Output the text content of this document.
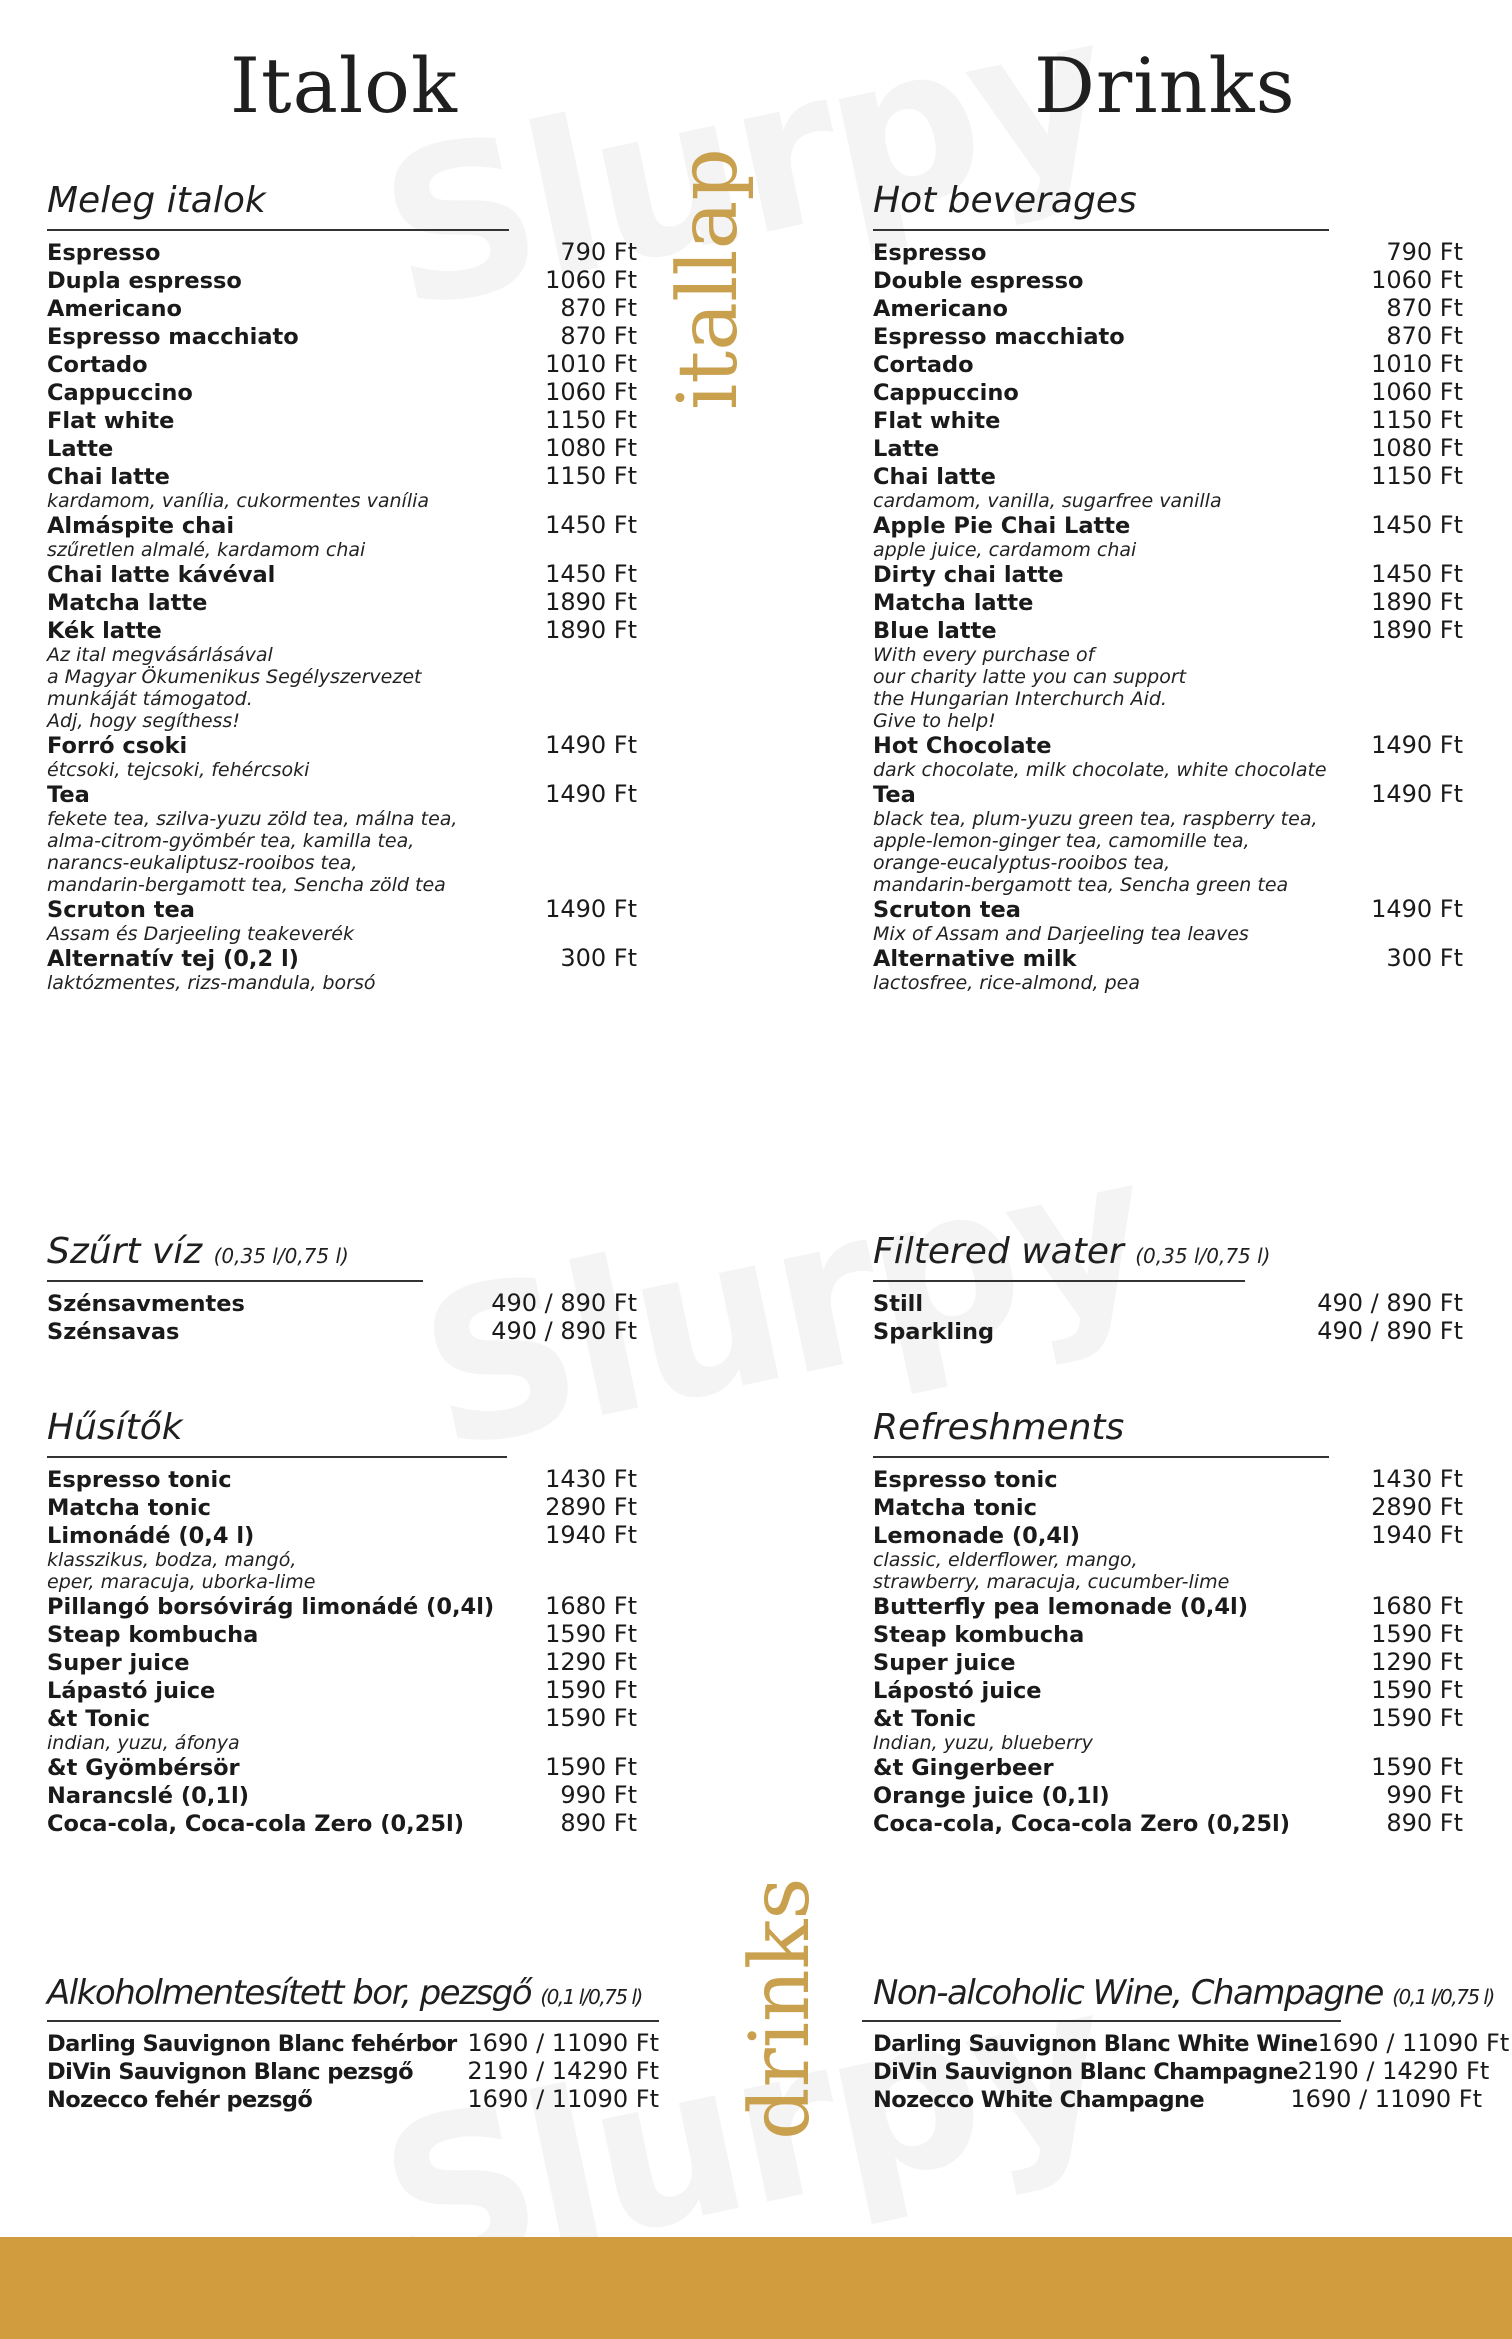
Italok	Drinks
itallap
drinks
Meleg italok
Espresso	790 Ft
Dupla espresso	1060 Ft
Americano	870 Ft
Espresso macchiato	870 Ft
Cortado	1010 Ft
Cappuccino	1060 Ft
Flat white	1150 Ft
Latte	1080 Ft
Chai latte	1150 Ft
kardamom, vanília, cukormentes vanília
Almáspite chai	1450 Ft
szűretlen almalé, kardamom chai
Chai latte kávéval	1450 Ft
Matcha latte	1890 Ft
Kék latte	1890 Ft
Az ital megvásárlásával
a Magyar Ökumenikus Segélyszervezet
munkáját támogatod.
Adj, hogy segíthess!
Forró csoki	1490 Ft
étcsoki, tejcsoki, fehércsoki
Tea	1490 Ft
fekete tea, szilva-yuzu zöld tea, málna tea,
alma-citrom-gyömbér tea, kamilla tea,
narancs-eukaliptusz-rooibos tea,
mandarin-bergamott tea, Sencha zöld tea
Scruton tea	1490 Ft
Assam és Darjeeling teakeverék
Alternatív tej (0,2 l)	300 Ft
laktózmentes, rizs-mandula, borsó
Szűrt víz (0,35 l/0,75 l)
Szénsavmentes	490 / 890 Ft
Szénsavas	490 / 890 Ft
Hűsítők
Espresso tonic	1430 Ft
Matcha tonic	2890 Ft
Limonádé (0,4 l)	1940 Ft
klasszikus, bodza, mangó,
eper, maracuja, uborka-lime
Pillangó borsóvirág limonádé (0,4l) 1680 Ft
Steap kombucha	1590 Ft
Super juice	1290 Ft
Lápastó juice	1590 Ft
&t Tonic	1590 Ft
indian, yuzu, áfonya
&t Gyömbérsör	1590 Ft
Narancslé (0,1l)	990 Ft
Coca-cola, Coca-cola Zero (0,25l)	890 Ft
Alkoholmentesített bor, pezsgő (0,1 l/0,75 l)
Darling Sauvignon Blanc fehérbor 1690 / 11090 Ft
DiVin Sauvignon Blanc pezsgő 2190 / 14290 Ft
Nozecco fehér pezsgő	1690 / 11090 Ft
Hot beverages
Espresso	790 Ft
Double espresso	1060 Ft
Americano	870 Ft
Espresso macchiato	870 Ft
Cortado	1010 Ft
Cappuccino	1060 Ft
Flat white	1150 Ft
Latte	1080 Ft
Chai latte	1150 Ft
cardamom, vanilla, sugarfree vanilla
Apple Pie Chai Latte	1450 Ft
apple juice, cardamom chai
Dirty chai latte	1450 Ft
Matcha latte	1890 Ft
Blue latte	1890 Ft
With every purchase of
our charity latte you can support
the Hungarian Interchurch Aid.
Give to help!
Hot Chocolate	1490 Ft
dark chocolate, milk chocolate, white chocolate
Tea	1490 Ft
black tea, plum-yuzu green tea, raspberry tea,
apple-lemon-ginger tea, camomille tea,
orange-eucalyptus-rooibos tea,
mandarin-bergamott tea, Sencha green tea
Scruton tea	1490 Ft
Mix of Assam and Darjeeling tea leaves
Alternative milk	300 Ft
lactosfree, rice-almond, pea
Filtered water (0,35 l/0,75 l)
Still	490 / 890 Ft
Sparkling	490 / 890 Ft
Refreshments
Espresso tonic	1430 Ft
Matcha tonic	2890 Ft
Lemonade (0,4l)	1940 Ft
classic, elderflower, mango,
strawberry, maracuja, cucumber-lime
Butterfly pea lemonade (0,4l)	1680 Ft
Steap kombucha	1590 Ft
Super juice	1290 Ft
Lápostó juice	1590 Ft
&t Tonic	1590 Ft
Indian, yuzu, blueberry
&t Gingerbeer	1590 Ft
Orange juice (0,1l)	990 Ft
Coca-cola, Coca-cola Zero (0,25l)	890 Ft
Non-alcoholic Wine, Champagne (0,1 l/0,75 l)
Darling Sauvignon Blanc White Wine 1690 / 11090 Ft
DiVin Sauvignon Blanc Champagne 2190 / 14290 Ft
Nozecco White Champagne	1690 / 11090 Ft
